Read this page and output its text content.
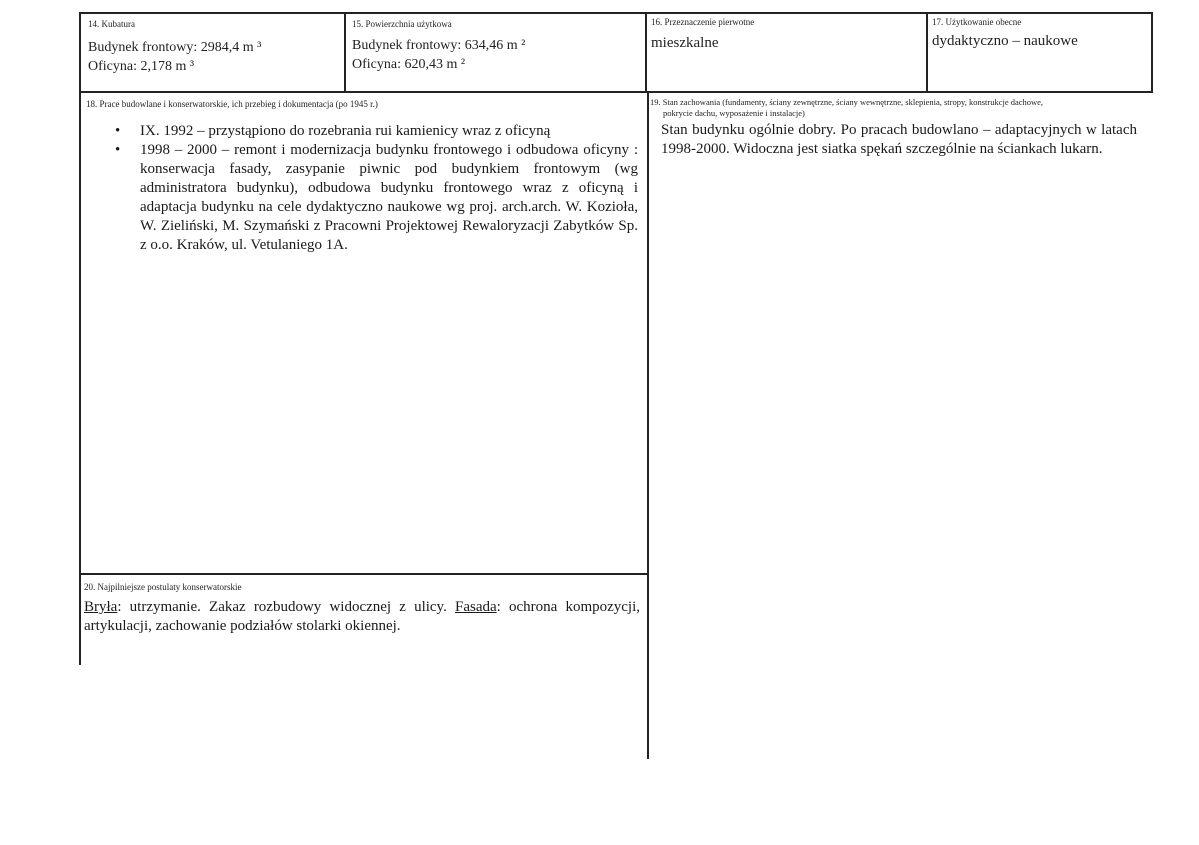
14. Kubatura
Budynek frontowy: 2984,4 m ³
Oficyna: 2,178 m ³
15. Powierzchnia użytkowa
Budynek frontowy: 634,46 m ²
Oficyna: 620,43 m ²
16. Przeznaczenie pierwotne
mieszkalne
17. Użytkowanie obecne
dydaktyczno – naukowe
18. Prace budowlane i konserwatorskie, ich przebieg i dokumentacja (po 1945 r.)
• IX. 1992 – przystąpiono do rozebrania rui kamienicy wraz z oficyną
• 1998 – 2000 – remont i modernizacja budynku frontowego i odbudowa oficyny : konserwacja fasady, zasypanie piwnic pod budynkiem frontowym (wg administratora budynku), odbudowa budynku frontowego wraz z oficyną i adaptacja budynku na cele dydaktyczno naukowe wg proj. arch.arch. W. Kozioła, W. Zieliński, M. Szymański z Pracowni Projektowej Rewaloryzacji Zabytków Sp. z o.o. Kraków, ul. Vetulaniego 1A.
19. Stan zachowania (fundamenty, ściany zewnętrzne, ściany wewnętrzne, sklepienia, stropy, konstrukcje dachowe,
pokrycie dachu, wyposażenie i instalacje)
Stan budynku ogólnie dobry. Po pracach budowlano – adaptacyjnych w latach 1998-2000. Widoczna jest siatka spękań szczególnie na ściankach lukarn.
20. Najpilniejsze postulaty konserwatorskie
Bryła: utrzymanie. Zakaz rozbudowy widocznej z ulicy. Fasada: ochrona kompozycji, artykulacji, zachowanie podziałów stolarki okiennej.
